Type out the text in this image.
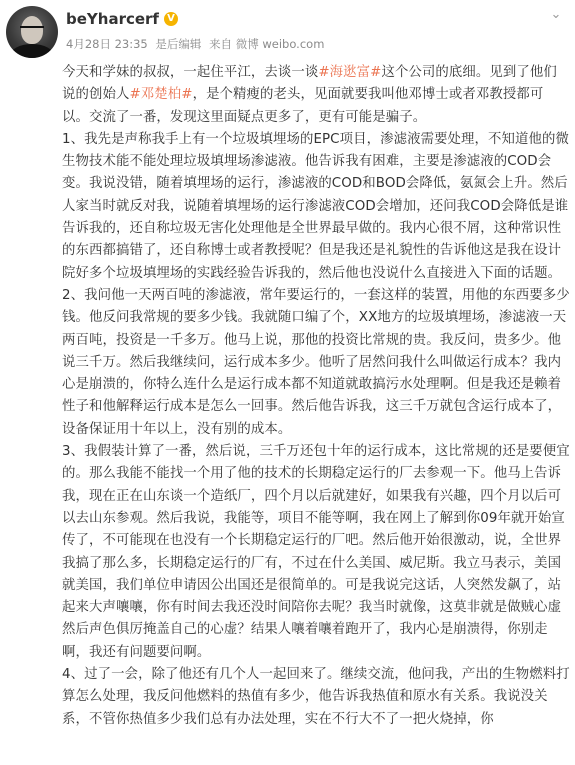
beYharcerf V
4月28日 23:35 是后编辑 来自 微博 weibo.com
⌄

今天和学妹的叔叔，一起住平江，去谈一谈#海逖富#这个公司的底细。见到了他们说的创始人#邓楚柏#，是个精瘦的老头，见面就要我叫他邓博士或者邓教授都可以。交流了一番，发现这里面疑点更多了，更有可能是骗子。

1、我先是声称我手上有一个垃圾填埋场的EPC项目，渗滤液需要处理，不知道他的微生物技术能不能处理垃圾填埋场渗滤液。他告诉我有困难，主要是渗滤液的COD会变。我说没错，随着填埋场的运行，渗滤液的COD和BOD会降低，氨氮会上升。然后人家当时就反对我，说随着填埋场的运行渗滤液COD会增加，还问我COD会降低是谁告诉我的，还自称垃圾无害化处理他是全世界最早做的。我内心很不屑，这种常识性的东西都搞错了，还自称博士或者教授呢？但是我还是礼貌性的告诉他这是我在设计院好多个垃圾填埋场的实践经验告诉我的，然后他也没说什么直接进入下面的话题。

2、我问他一天两百吨的渗滤液，常年要运行的，一套这样的装置，用他的东西要多少钱。他反问我常规的要多少钱。我就随口编了个，XX地方的垃圾填埋场，渗滤液一天两百吨，投资是一千多万。他马上说，那他的投资比常规的贵。我反问，贵多少。他说三千万。然后我继续问，运行成本多少。他听了居然问我什么叫做运行成本？我内心是崩溃的，你特么连什么是运行成本都不知道就敢搞污水处理啊。但是我还是赖着性子和他解释运行成本是怎么一回事。然后他告诉我，这三千万就包含运行成本了，设备保证用十年以上，没有别的成本。

3、我假装计算了一番，然后说，三千万还包十年的运行成本，这比常规的还是要便宜的。那么我能不能找一个用了他的技术的长期稳定运行的厂去参观一下。他马上告诉我，现在正在山东谈一个造纸厂，四个月以后就建好，如果我有兴趣，四个月以后可以去山东参观。然后我说，我能等，项目不能等啊，我在网上了解到你09年就开始宣传了，不可能现在也没有一个长期稳定运行的厂吧。然后他开始很激动，说，全世界我搞了那么多，长期稳定运行的厂有，不过在什么美国、威尼斯。我立马表示，美国就美国，我们单位申请因公出国还是很简单的。可是我说完这话，人突然发飙了，站起来大声嚷嚷，你有时间去我还没时间陪你去呢？我当时就像，这莫非就是做贼心虚然后声色俱厉掩盖自己的心虚？结果人嚷着嚷着跑开了，我内心是崩溃得，你别走啊，我还有问题要问啊。

4、过了一会，除了他还有几个人一起回来了。继续交流，他问我，产出的生物燃料打算怎么处理，我反问他燃料的热值有多少，他告诉我热值和原水有关系。我说没关系，不管你热值多少我们总有办法处理，实在不行大不了一把火烧掉，你
